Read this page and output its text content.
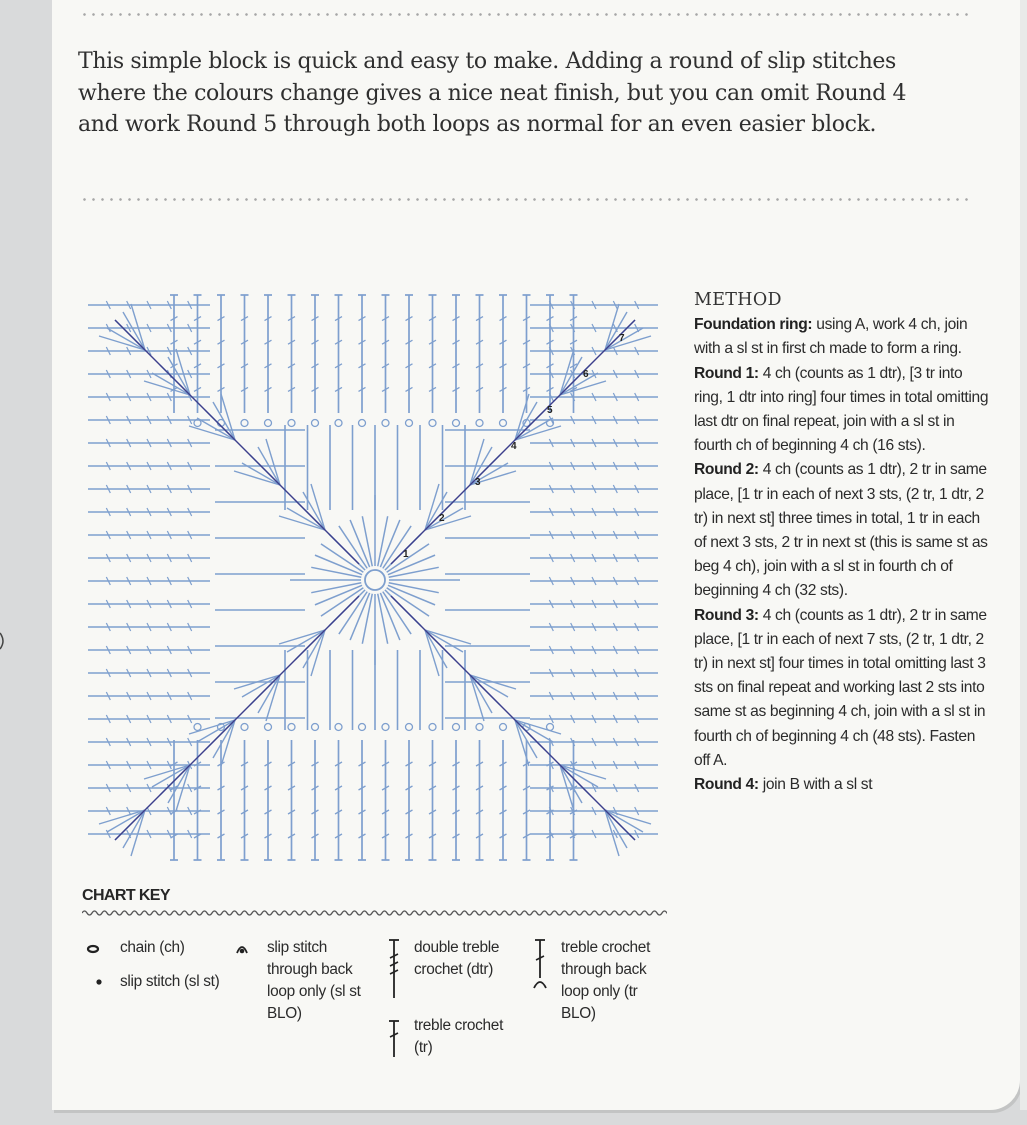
This simple block is quick and easy to make. Adding a round of slip stitches where the colours change gives a nice neat finish, but you can omit Round 4 and work Round 5 through both loops as normal for an even easier block.

1
2
3
4
5
6
7
METHOD

Foundation ring: using A, work 4 ch, join with a sl st in first ch made to form a ring.

Round 1: 4 ch (counts as 1 dtr), [3 tr into ring, 1 dtr into ring] four times in total omitting last dtr on final repeat, join with a sl st in fourth ch of beginning 4 ch (16 sts).

Round 2: 4 ch (counts as 1 dtr), 2 tr in same place, [1 tr in each of next 3 sts, (2 tr, 1 dtr, 2 tr) in next st] three times in total, 1 tr in each of next 3 sts, 2 tr in next st (this is same st as beg 4 ch), join with a sl st in fourth ch of beginning 4 ch (32 sts).

Round 3: 4 ch (counts as 1 dtr), 2 tr in same place, [1 tr in each of next 7 sts, (2 tr, 1 dtr, 2 tr) in next st] four times in total omitting last 3 sts on final repeat and working last 2 sts into same st as beginning 4 ch, join with a sl st in fourth ch of beginning 4 ch (48 sts). Fasten off A.

Round 4: join B with a sl st

CHART KEY
chain (ch)
slip stitch (sl st)
slip stitch through back loop only (sl st BLO)
double treble crochet (dtr)
treble crochet (tr)
treble crochet through back loop only (tr BLO)
